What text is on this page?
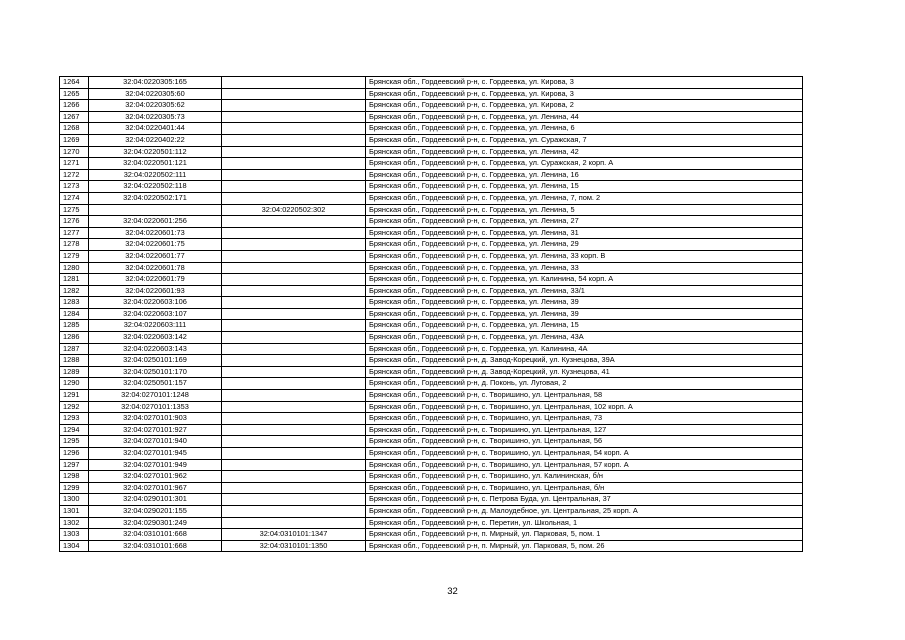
1264	32:04:0220305:165		Брянская обл., Гордеевский р-н, с. Гордеевка, ул. Кирова, 3
1265	32:04:0220305:60		Брянская обл., Гордеевский р-н, с. Гордеевка, ул. Кирова, 3
1266	32:04:0220305:62		Брянская обл., Гордеевский р-н, с. Гордеевка, ул. Кирова, 2
1267	32:04:0220305:73		Брянская обл., Гордеевский р-н, с. Гордеевка, ул. Ленина, 44
1268	32:04:0220401:44		Брянская обл., Гордеевский р-н, с. Гордеевка, ул. Ленина, 6
1269	32:04:0220402:22		Брянская обл., Гордеевский р-н, с. Гордеевка, ул. Суражская, 7
1270	32:04:0220501:112		Брянская обл., Гордеевский р-н, с. Гордеевка, ул. Ленина, 42
1271	32:04:0220501:121		Брянская обл., Гордеевский р-н, с. Гордеевка, ул. Суражская, 2 корп. А
1272	32:04:0220502:111		Брянская обл., Гордеевский р-н, с. Гордеевка, ул. Ленина, 16
1273	32:04:0220502:118		Брянская обл., Гордеевский р-н, с. Гордеевка, ул. Ленина, 15
1274	32:04:0220502:171		Брянская обл., Гордеевский р-н, с. Гордеевка, ул. Ленина, 7, пом. 2
1275		32:04:0220502:302	Брянская обл., Гордеевский р-н, с. Гордеевка, ул. Ленина, 5
1276	32:04:0220601:256		Брянская обл., Гордеевский р-н, с. Гордеевка, ул. Ленина, 27
1277	32:04:0220601:73		Брянская обл., Гордеевский р-н, с. Гордеевка, ул. Ленина, 31
1278	32:04:0220601:75		Брянская обл., Гордеевский р-н, с. Гордеевка, ул. Ленина, 29
1279	32:04:0220601:77		Брянская обл., Гордеевский р-н, с. Гордеевка, ул. Ленина, 33 корп. В
1280	32:04:0220601:78		Брянская обл., Гордеевский р-н, с. Гордеевка, ул. Ленина, 33
1281	32:04:0220601:79		Брянская обл., Гордеевский р-н, с. Гордеевка, ул. Калинина, 54 корп. А
1282	32:04:0220601:93		Брянская обл., Гордеевский р-н, с. Гордеевка, ул. Ленина, 33/1
1283	32:04:0220603:106		Брянская обл., Гордеевский р-н, с. Гордеевка, ул. Ленина, 39
1284	32:04:0220603:107		Брянская обл., Гордеевский р-н, с. Гордеевка, ул. Ленина, 39
1285	32:04:0220603:111		Брянская обл., Гордеевский р-н, с. Гордеевка, ул. Ленина, 15
1286	32:04:0220603:142		Брянская обл., Гордеевский р-н, с. Гордеевка, ул. Ленина, 43А
1287	32:04:0220603:143		Брянская обл., Гордеевский р-н, с. Гордеевка, ул. Калинина, 4А
1288	32:04:0250101:169		Брянская обл., Гордеевский р-н, д. Завод-Корецкий, ул. Кузнецова, 39А
1289	32:04:0250101:170		Брянская обл., Гордеевский р-н, д. Завод-Корецкий, ул. Кузнецова, 41
1290	32:04:0250501:157		Брянская обл., Гордеевский р-н, д. Поконь, ул. Луговая, 2
1291	32:04:0270101:1248		Брянская обл., Гордеевский р-н, с. Творишино, ул. Центральная, 58
1292	32:04:0270101:1353		Брянская обл., Гордеевский р-н, с. Творишино, ул. Центральная, 102 корп. А
1293	32:04:0270101:903		Брянская обл., Гордеевский р-н, с. Творишино, ул. Центральная, 73
1294	32:04:0270101:927		Брянская обл., Гордеевский р-н, с. Творишино, ул. Центральная, 127
1295	32:04:0270101:940		Брянская обл., Гордеевский р-н, с. Творишино, ул. Центральная, 56
1296	32:04:0270101:945		Брянская обл., Гордеевский р-н, с. Творишино, ул. Центральная, 54 корп. А
1297	32:04:0270101:949		Брянская обл., Гордеевский р-н, с. Творишино, ул. Центральная, 57 корп. А
1298	32:04:0270101:962		Брянская обл., Гордеевский р-н, с. Творишино, ул. Калининская, б/н
1299	32:04:0270101:967		Брянская обл., Гордеевский р-н, с. Творишино, ул. Центральная, б/н
1300	32:04:0290101:301		Брянская обл., Гордеевский р-н, с. Петрова Буда, ул. Центральная, 37
1301	32:04:0290201:155		Брянская обл., Гордеевский р-н, д. Малоудебное, ул. Центральная, 25 корп. А
1302	32:04:0290301:249		Брянская обл., Гордеевский р-н, с. Перетин, ул. Школьная, 1
1303	32:04:0310101:668	32:04:0310101:1347	Брянская обл., Гордеевский р-н, п. Мирный, ул. Парковая, 5, пом. 1
1304	32:04:0310101:668	32:04:0310101:1350	Брянская обл., Гордеевский р-н, п. Мирный, ул. Парковая, 5, пом. 26
32
